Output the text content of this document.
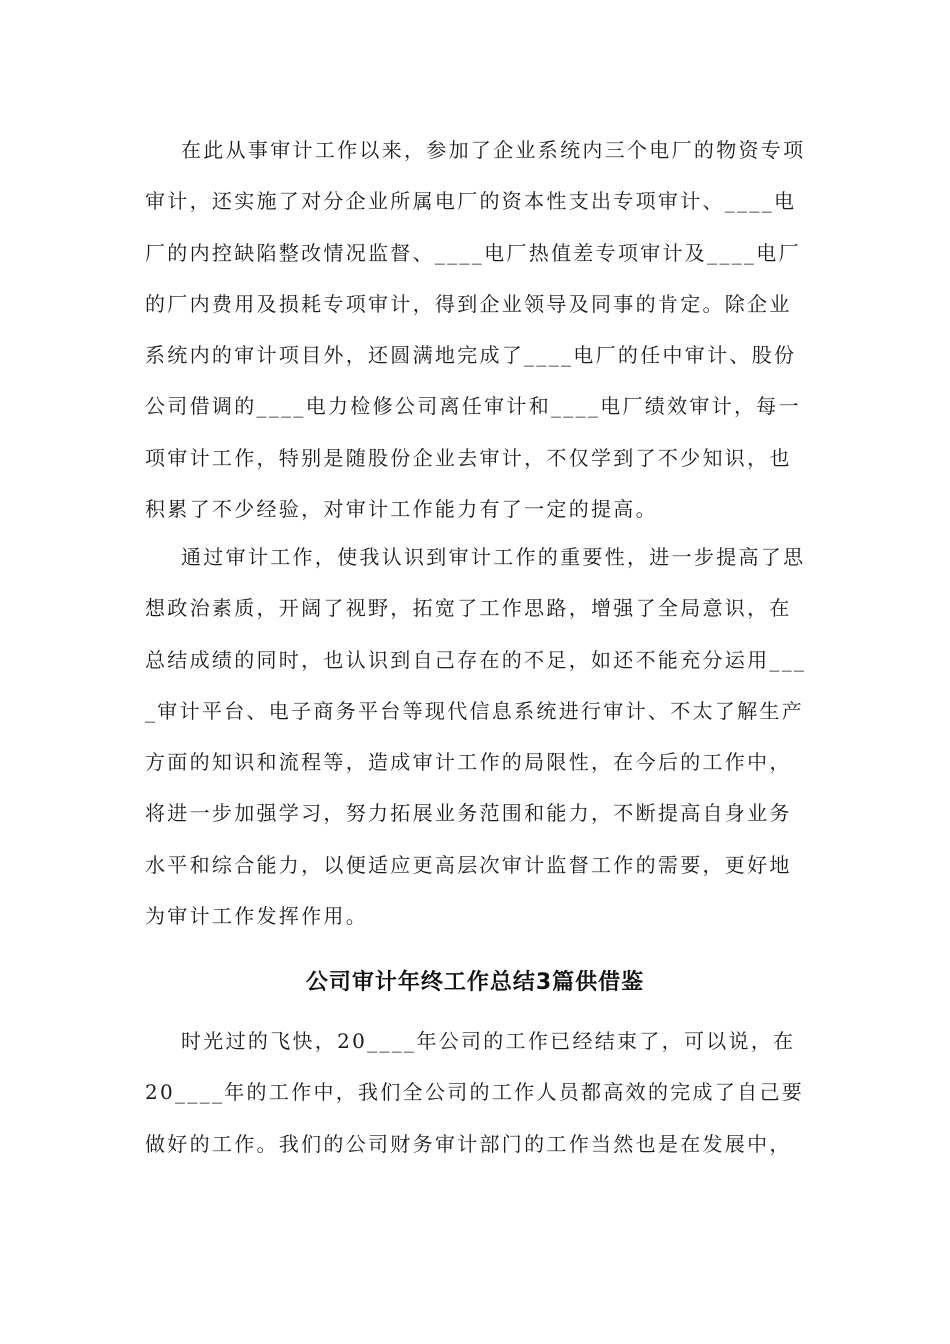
在此从事审计工作以来，参加了企业系统内三个电厂的物资专项
审计，还实施了对分企业所属电厂的资本性支出专项审计、____电
厂的内控缺陷整改情况监督、____电厂热值差专项审计及____电厂
的厂内费用及损耗专项审计，得到企业领导及同事的肯定。除企业
系统内的审计项目外，还圆满地完成了____电厂的任中审计、股份
公司借调的____电力检修公司离任审计和____电厂绩效审计，每一
项审计工作，特别是随股份企业去审计，不仅学到了不少知识，也
积累了不少经验，对审计工作能力有了一定的提高。
通过审计工作，使我认识到审计工作的重要性，进一步提高了思
想政治素质，开阔了视野，拓宽了工作思路，增强了全局意识，在
总结成绩的同时，也认识到自己存在的不足，如还不能充分运用___
_审计平台、电子商务平台等现代信息系统进行审计、不太了解生产
方面的知识和流程等，造成审计工作的局限性，在今后的工作中，
将进一步加强学习，努力拓展业务范围和能力，不断提高自身业务
水平和综合能力，以便适应更高层次审计监督工作的需要，更好地
为审计工作发挥作用。
公司审计年终工作总结3篇供借鉴
时光过的飞快，20____年公司的工作已经结束了，可以说，在
20____年的工作中，我们全公司的工作人员都高效的完成了自己要
做好的工作。我们的公司财务审计部门的工作当然也是在发展中，
